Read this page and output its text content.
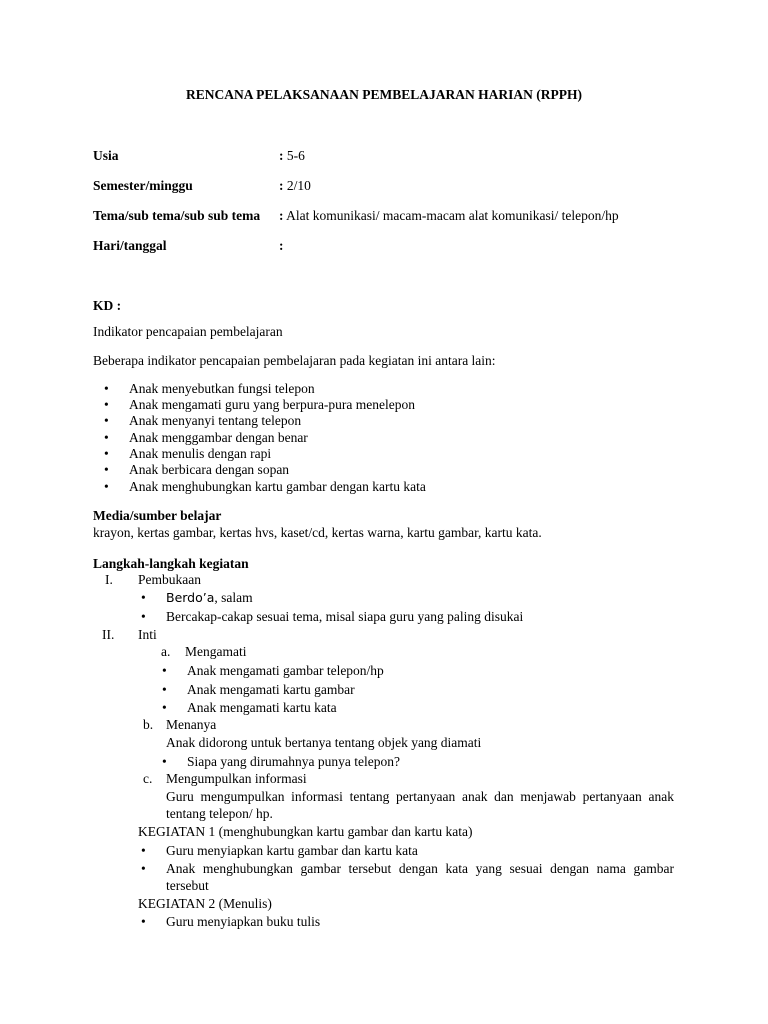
RENCANA PELAKSANAAN PEMBELAJARAN HARIAN (RPPH)
Usia	: 5-6
Semester/minggu	: 2/10
Tema/sub tema/sub sub tema : Alat komunikasi/ macam-macam alat komunikasi/ telepon/hp
Hari/tanggal	:
KD :
Indikator pencapaian pembelajaran
Beberapa indikator pencapaian pembelajaran pada kegiatan ini antara lain:
• Anak menyebutkan fungsi telepon
• Anak mengamati guru yang berpura-pura menelepon
• Anak menyanyi tentang telepon
• Anak menggambar dengan benar
• Anak menulis dengan rapi
• Anak berbicara dengan sopan
• Anak menghubungkan kartu gambar dengan kartu kata
Media/sumber belajar
krayon, kertas gambar, kertas hvs, kaset/cd, kertas warna, kartu gambar, kartu kata.
Langkah-langkah kegiatan
I. Pembukaan
• Berdo’a, salam
• Bercakap-cakap sesuai tema, misal siapa guru yang paling disukai
II. Inti
a. Mengamati
• Anak mengamati gambar telepon/hp
• Anak mengamati kartu gambar
• Anak mengamati kartu kata
b. Menanya
Anak didorong untuk bertanya tentang objek yang diamati
• Siapa yang dirumahnya punya telepon?
c. Mengumpulkan informasi
Guru mengumpulkan informasi tentang pertanyaan anak dan menjawab pertanyaan anak tentang telepon/ hp.
KEGIATAN 1 (menghubungkan kartu gambar dan kartu kata)
• Guru menyiapkan kartu gambar dan kartu kata
• Anak menghubungkan gambar tersebut dengan kata yang sesuai dengan nama gambar tersebut
KEGIATAN 2 (Menulis)
• Guru menyiapkan buku tulis
